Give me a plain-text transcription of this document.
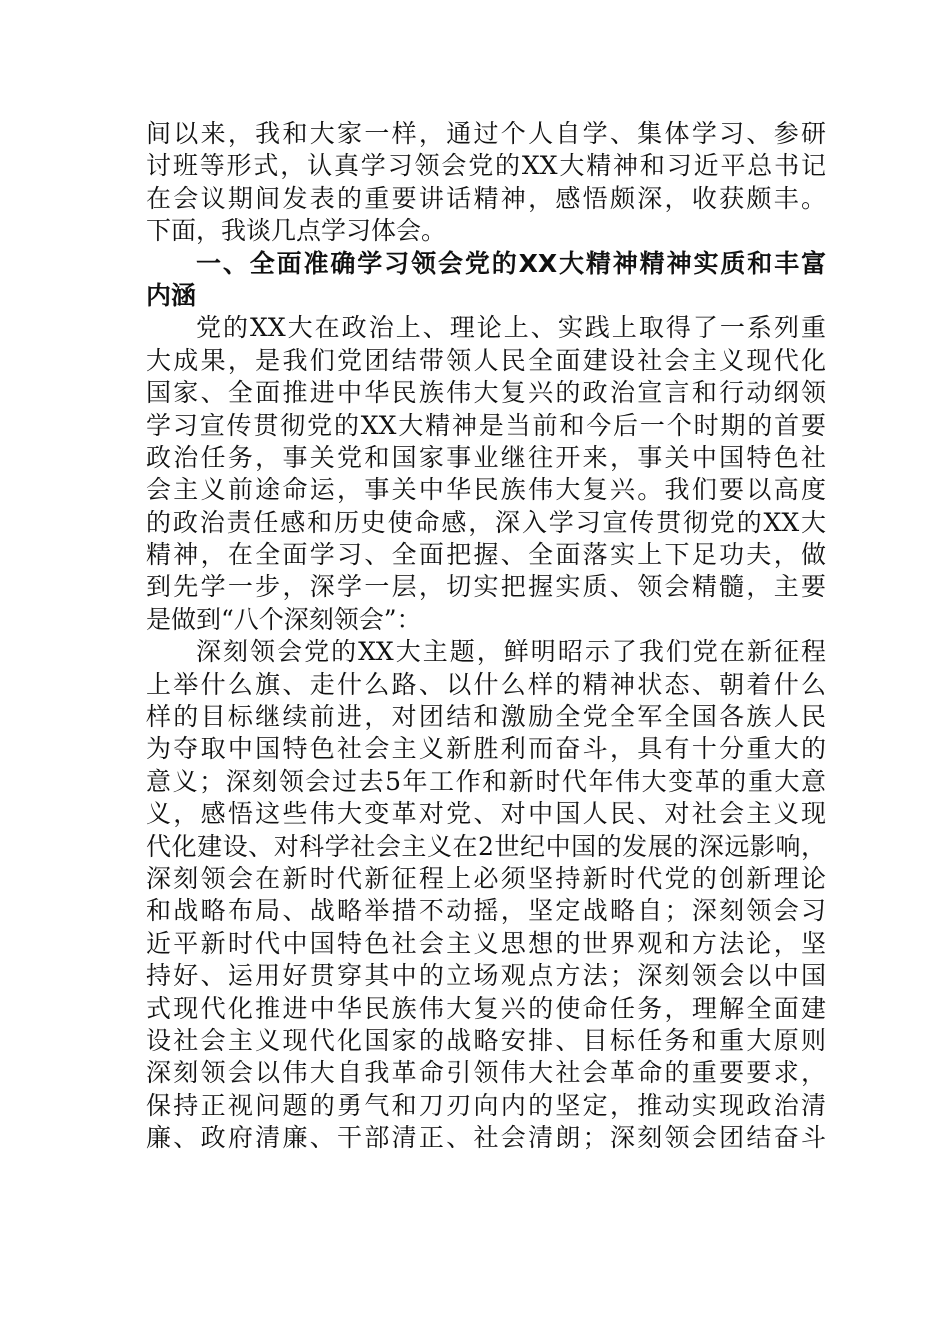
间以来，我和大家一样，通过个人自学、集体学习、参研
讨班等形式，认真学习领会党的XX大精神和习近平总书记
在会议期间发表的重要讲话精神，感悟颇深，收获颇丰。
下面，我谈几点学习体会。
一、全面准确学习领会党的XX大精神精神实质和丰富
内涵
党的XX大在政治上、理论上、实践上取得了一系列重
大成果，是我们党团结带领人民全面建设社会主义现代化
国家、全面推进中华民族伟大复兴的政治宣言和行动纲领
学习宣传贯彻党的XX大精神是当前和今后一个时期的首要
政治任务，事关党和国家事业继往开来，事关中国特色社
会主义前途命运，事关中华民族伟大复兴。我们要以高度
的政治责任感和历史使命感，深入学习宣传贯彻党的XX大
精神，在全面学习、全面把握、全面落实上下足功夫，做
到先学一步，深学一层，切实把握实质、领会精髓，主要
是做到“八个深刻领会”：
深刻领会党的XX大主题，鲜明昭示了我们党在新征程
上举什么旗、走什么路、以什么样的精神状态、朝着什么
样的目标继续前进，对团结和激励全党全军全国各族人民
为夺取中国特色社会主义新胜利而奋斗，具有十分重大的
意义；深刻领会过去5年工作和新时代年伟大变革的重大意
义，感悟这些伟大变革对党、对中国人民、对社会主义现
代化建设、对科学社会主义在2世纪中国的发展的深远影响，
深刻领会在新时代新征程上必须坚持新时代党的创新理论
和战略布局、战略举措不动摇，坚定战略自；深刻领会习
近平新时代中国特色社会主义思想的世界观和方法论，坚
持好、运用好贯穿其中的立场观点方法；深刻领会以中国
式现代化推进中华民族伟大复兴的使命任务，理解全面建
设社会主义现代化国家的战略安排、目标任务和重大原则
深刻领会以伟大自我革命引领伟大社会革命的重要要求，
保持正视问题的勇气和刀刃向内的坚定，推动实现政治清
廉、政府清廉、干部清正、社会清朗；深刻领会团结奋斗
